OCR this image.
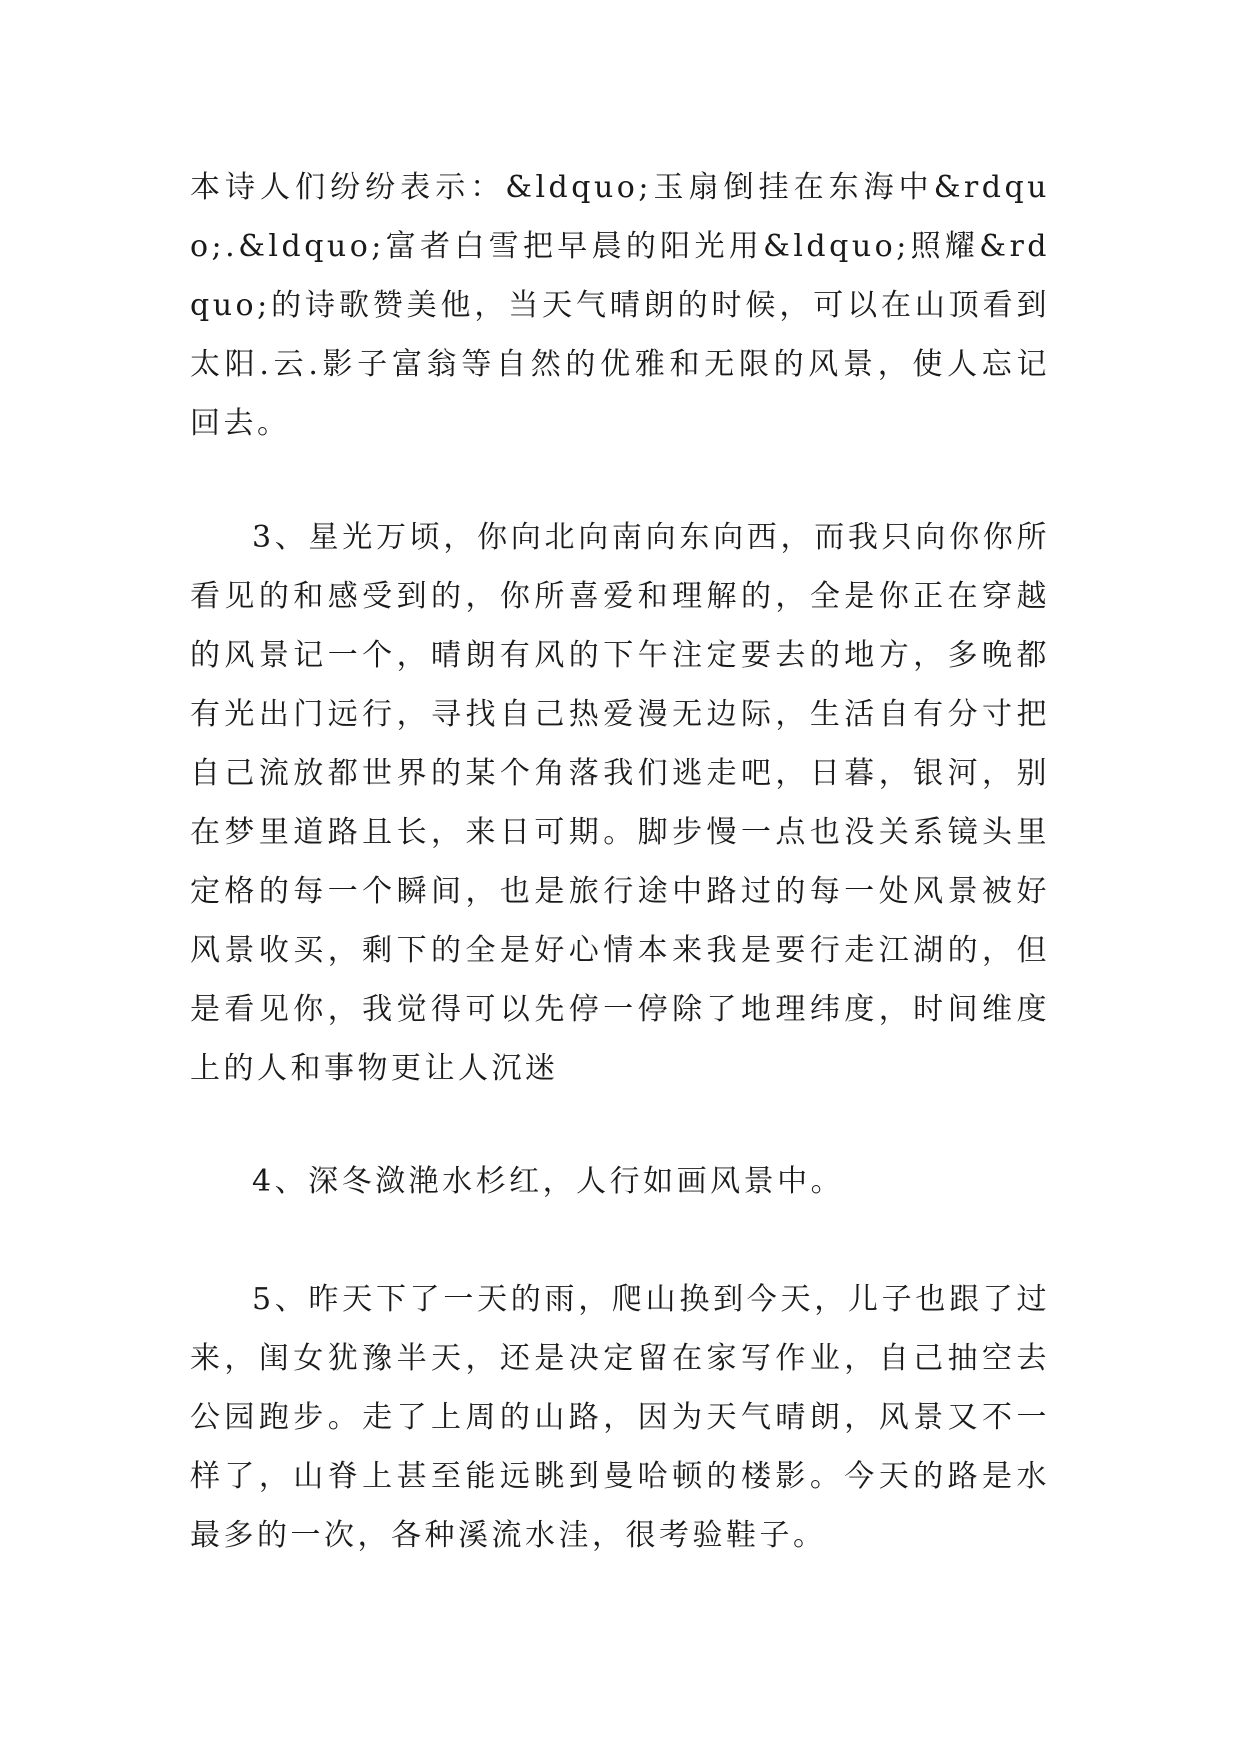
本诗人们纷纷表示：&ldquo;玉扇倒挂在东海中&rdquo;.&ldquo;富者白雪把早晨的阳光用&ldquo;照耀&rdquo;的诗歌赞美他，当天气晴朗的时候，可以在山顶看到太阳.云.影子富翁等自然的优雅和无限的风景，使人忘记回去。

3、星光万顷，你向北向南向东向西，而我只向你你所看见的和感受到的，你所喜爱和理解的，全是你正在穿越的风景记一个，晴朗有风的下午注定要去的地方，多晚都有光出门远行，寻找自己热爱漫无边际，生活自有分寸把自己流放都世界的某个角落我们逃走吧，日暮，银河，别在梦里道路且长，来日可期。脚步慢一点也没关系镜头里定格的每一个瞬间，也是旅行途中路过的每一处风景被好风景收买，剩下的全是好心情本来我是要行走江湖的，但是看见你，我觉得可以先停一停除了地理纬度，时间维度上的人和事物更让人沉迷

4、深冬潋滟水杉红，人行如画风景中。

5、昨天下了一天的雨，爬山换到今天，儿子也跟了过来，闺女犹豫半天，还是决定留在家写作业，自己抽空去公园跑步。走了上周的山路，因为天气晴朗，风景又不一样了，山脊上甚至能远眺到曼哈顿的楼影。今天的路是水最多的一次，各种溪流水洼，很考验鞋子。
